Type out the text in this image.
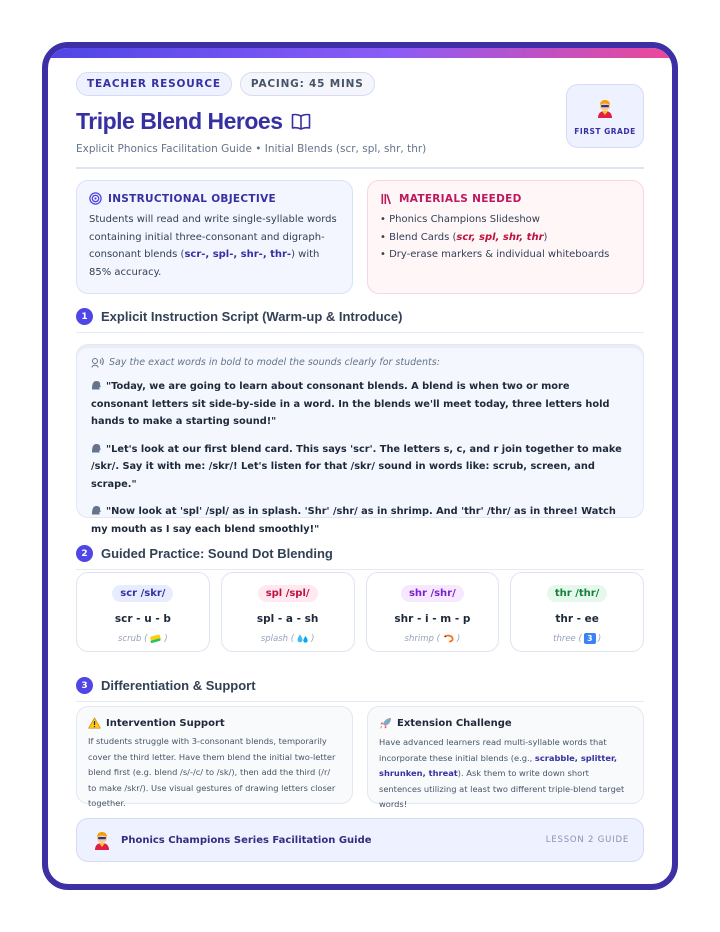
TEACHER RESOURCE	PACING: 45 MINS
Triple Blend Heroes
Explicit Phonics Facilitation Guide • Initial Blends (scr, spl, shr, thr)
FIRST GRADE
INSTRUCTIONAL OBJECTIVE
Students will read and write single-syllable words containing initial three-consonant and digraph-consonant blends (scr-, spl-, shr-, thr-) with 85% accuracy.
MATERIALS NEEDED
• Phonics Champions Slideshow
• Blend Cards (scr, spl, shr, thr)
• Dry-erase markers & individual whiteboards
1	Explicit Instruction Script (Warm-up & Introduce)
Say the exact words in bold to model the sounds clearly for students:
"Today, we are going to learn about consonant blends. A blend is when two or more consonant letters sit side-by-side in a word. In the blends we'll meet today, three letters hold hands to make a starting sound!"
"Let's look at our first blend card. This says 'scr'. The letters s, c, and r join together to make /skr/. Say it with me: /skr/! Let's listen for that /skr/ sound in words like: scrub, screen, and scrape."
"Now look at 'spl' /spl/ as in splash. 'Shr' /shr/ as in shrimp. And 'thr' /thr/ as in three! Watch my mouth as I say each blend smoothly!"
2	Guided Practice: Sound Dot Blending
scr /skr/
scr - u - b
scrub ( )
spl /spl/
spl - a - sh
splash ( )
shr /shr/
shr - i - m - p
shrimp ( )
thr /thr/
thr - ee
three ( 3 )
3	Differentiation & Support
Intervention Support
If students struggle with 3-consonant blends, temporarily cover the third letter. Have them blend the initial two-letter blend first (e.g. blend /s/-/c/ to /sk/), then add the third (/r/ to make /skr/). Use visual gestures of drawing letters closer together.
Extension Challenge
Have advanced learners read multi-syllable words that incorporate these initial blends (e.g., scrabble, splitter, shrunken, threat). Ask them to write down short sentences utilizing at least two different triple-blend target words!
Phonics Champions Series Facilitation Guide	LESSON 2 GUIDE
